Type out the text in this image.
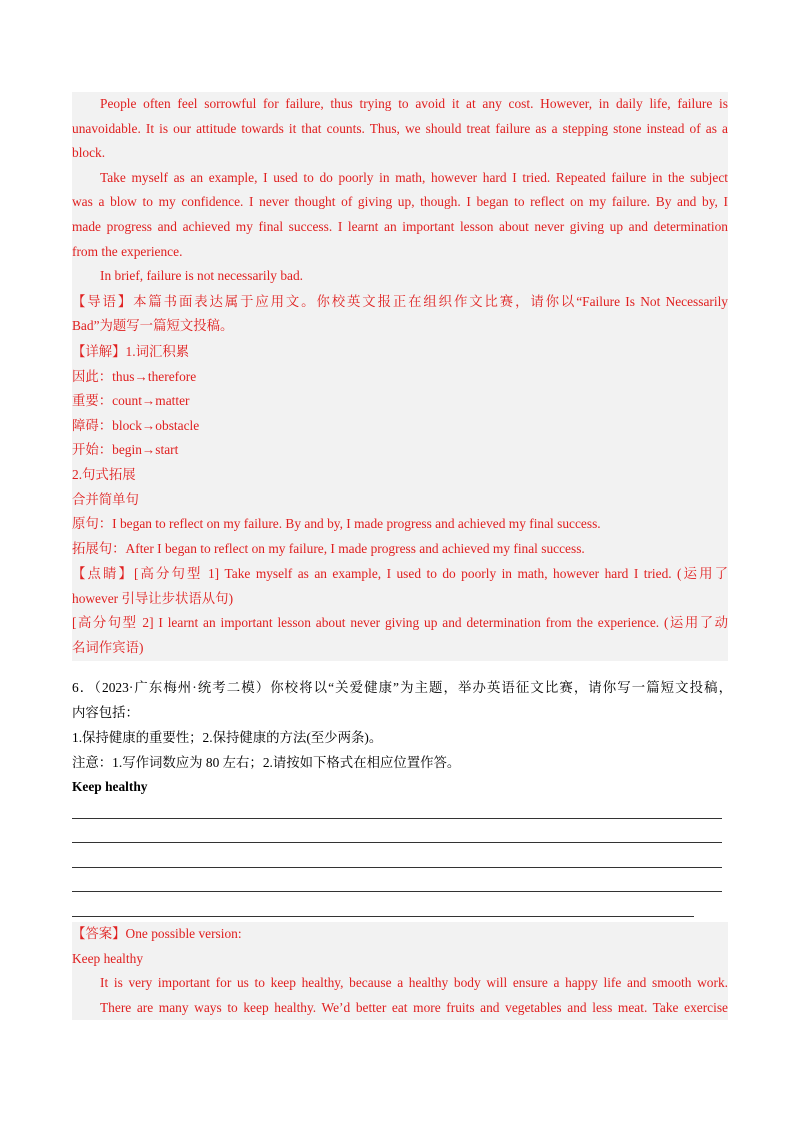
People often feel sorrowful for failure, thus trying to avoid it at any cost. However, in daily life, failure is
unavoidable. It is our attitude towards it that counts. Thus, we should treat failure as a stepping stone instead of as a
block.
Take myself as an example, I used to do poorly in math, however hard I tried. Repeated failure in the subject
was a blow to my confidence. I never thought of giving up, though. I began to reflect on my failure. By and by, I
made progress and achieved my final success. I learnt an important lesson about never giving up and determination
from the experience.
In brief, failure is not necessarily bad.
【导语】本篇书面表达属于应用文。你校英文报正在组织作文比赛，请你以“Failure Is Not Necessarily
Bad”为题写一篇短文投稿。
【详解】1.词汇积累
因此：thus→therefore
重要：count→matter
障碍：block→obstacle
开始：begin→start
2.句式拓展
合并简单句
原句：I began to reflect on my failure. By and by, I made progress and achieved my final success.
拓展句：After I began to reflect on my failure, I made progress and achieved my final success.
【点睛】[高分句型 1] Take myself as an example, I used to do poorly in math, however hard I tried. (运用了
however 引导让步状语从句)
[高分句型 2] I learnt an important lesson about never giving up and determination from the experience. (运用了动
名词作宾语)
6．（2023·广东梅州·统考二模）你校将以“关爱健康”为主题，举办英语征文比赛，请你写一篇短文投稿，
内容包括：
1.保持健康的重要性；2.保持健康的方法(至少两条)。
注意：1.写作词数应为 80 左右；2.请按如下格式在相应位置作答。
Keep healthy
【答案】One possible version:
Keep healthy
It is very important for us to keep healthy, because a healthy body will ensure a happy life and smooth work.
There are many ways to keep healthy. We’d better eat more fruits and vegetables and less meat. Take exercise
